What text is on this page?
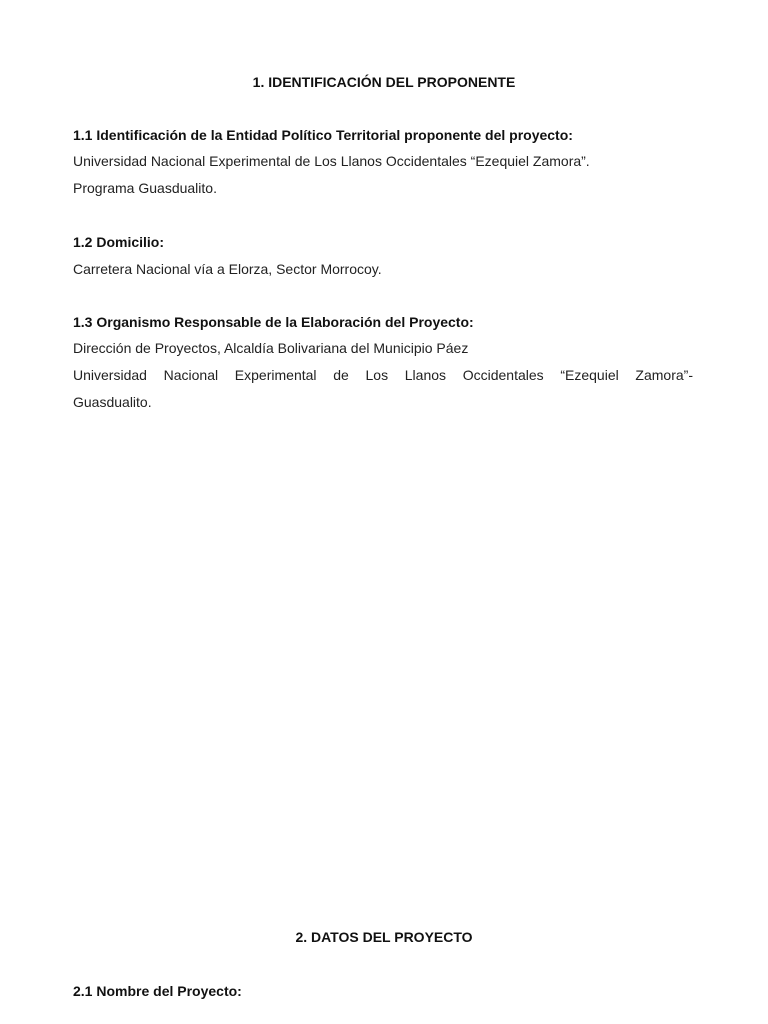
1. IDENTIFICACIÓN DEL PROPONENTE
1.1 Identificación de la Entidad Político Territorial proponente del proyecto:

Universidad Nacional Experimental de Los Llanos Occidentales “Ezequiel Zamora”.
Programa Guasdualito.

1.2 Domicilio:

Carretera Nacional vía a Elorza, Sector Morrocoy.

1.3 Organismo Responsable de la Elaboración del Proyecto:

Dirección de Proyectos, Alcaldía Bolivariana del Municipio Páez
Universidad Nacional Experimental de Los Llanos Occidentales “Ezequiel Zamora”-
Guasdualito.

2. DATOS DEL PROYECTO
2.1 Nombre del Proyecto:
